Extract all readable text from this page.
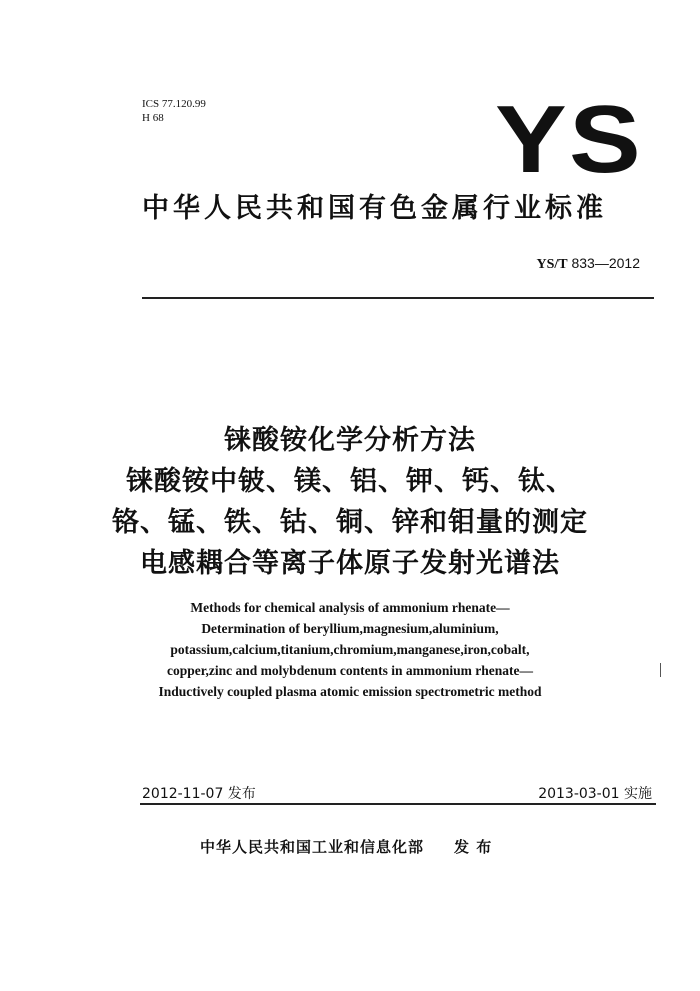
ICS 77.120.99
H 68	YS
中华人民共和国有色金属行业标准
YS/T 833—2012
铼酸铵化学分析方法
铼酸铵中铍、镁、铝、钾、钙、钛、
铬、锰、铁、钴、铜、锌和钼量的测定
电感耦合等离子体原子发射光谱法
Methods for chemical analysis of ammonium rhenate—
Determination of beryllium,magnesium,aluminium,
potassium,calcium,titanium,chromium,manganese,iron,cobalt,
copper,zinc and molybdenum contents in ammonium rhenate—
Inductively coupled plasma atomic emission spectrometric method
2012-11-07 发布	2013-03-01 实施
中华人民共和国工业和信息化部 发 布
